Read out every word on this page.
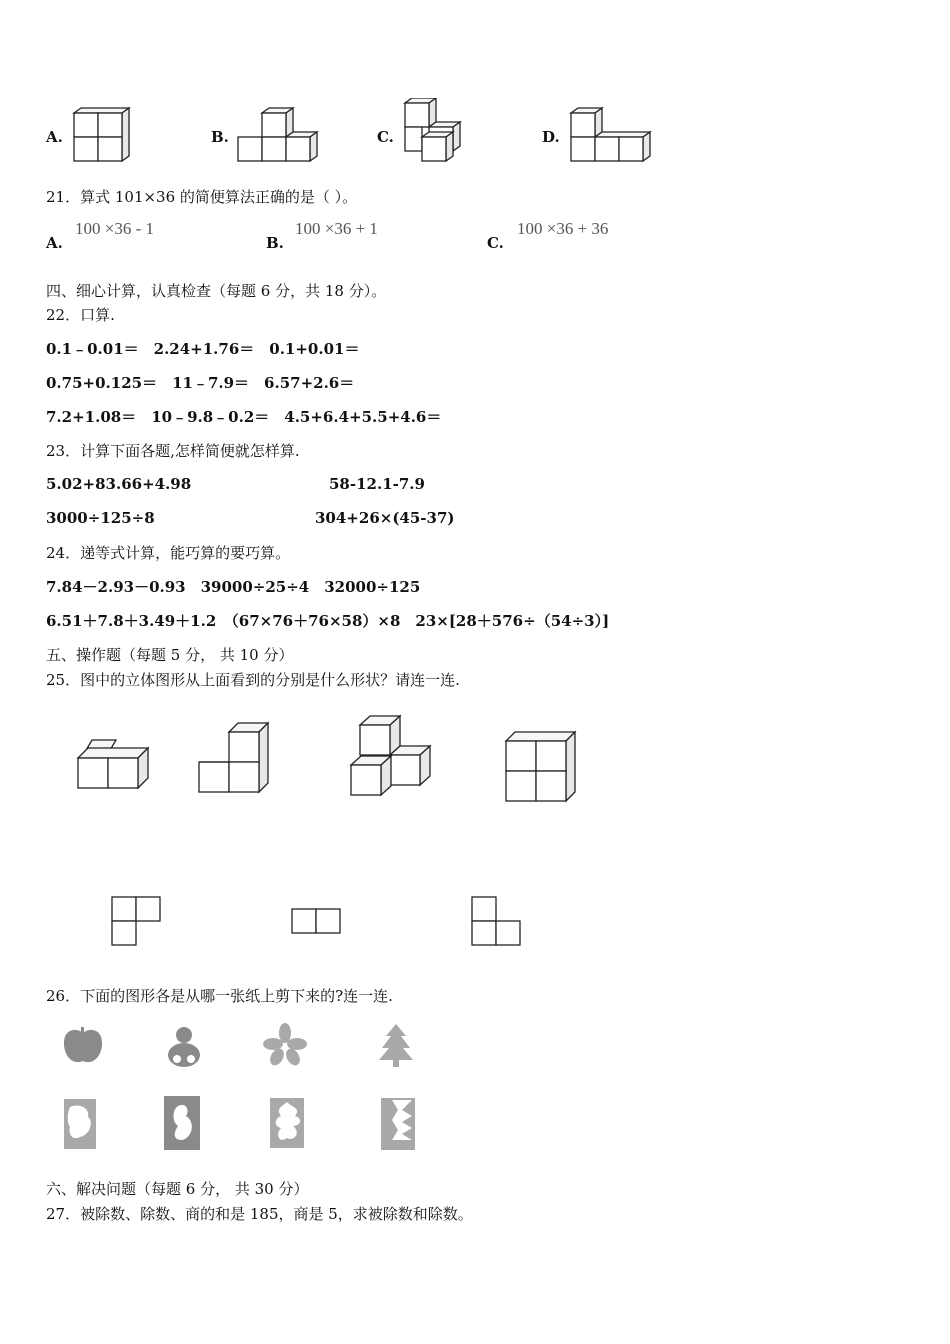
A.	B.	C.	D.
21．算式 101×36 的简便算法正确的是（ ）。
A.
100 ×36 - 1
B.
100 ×36 + 1
C.
100 ×36 + 36
四、细心计算，认真检查（每题 6 分，共 18 分）。
22．口算.
0.1﹣0.01＝　2.24+1.76＝　0.1+0.01＝
0.75+0.125＝　11﹣7.9＝　6.57+2.6＝
7.2+1.08＝　10﹣9.8﹣0.2＝　4.5+6.4+5.5+4.6＝
23．计算下面各题,怎样简便就怎样算.
5.02+83.66+4.98	58-12.1-7.9
3000÷125÷8	304+26×(45-37)
24．递等式计算，能巧算的要巧算。
7.84－2.93－0.93　39000÷25÷4　32000÷125
6.51＋7.8＋3.49＋1.2　（67×76＋76×58）×8　23×[28＋576÷（54÷3）]
五、操作题（每题 5 分， 共 10 分）
25．图中的立体图形从上面看到的分别是什么形状？请连一连.
26．下面的图形各是从哪一张纸上剪下来的?连一连.
六、解决问题（每题 6 分， 共 30 分）
27．被除数、除数、商的和是 185，商是 5，求被除数和除数。
